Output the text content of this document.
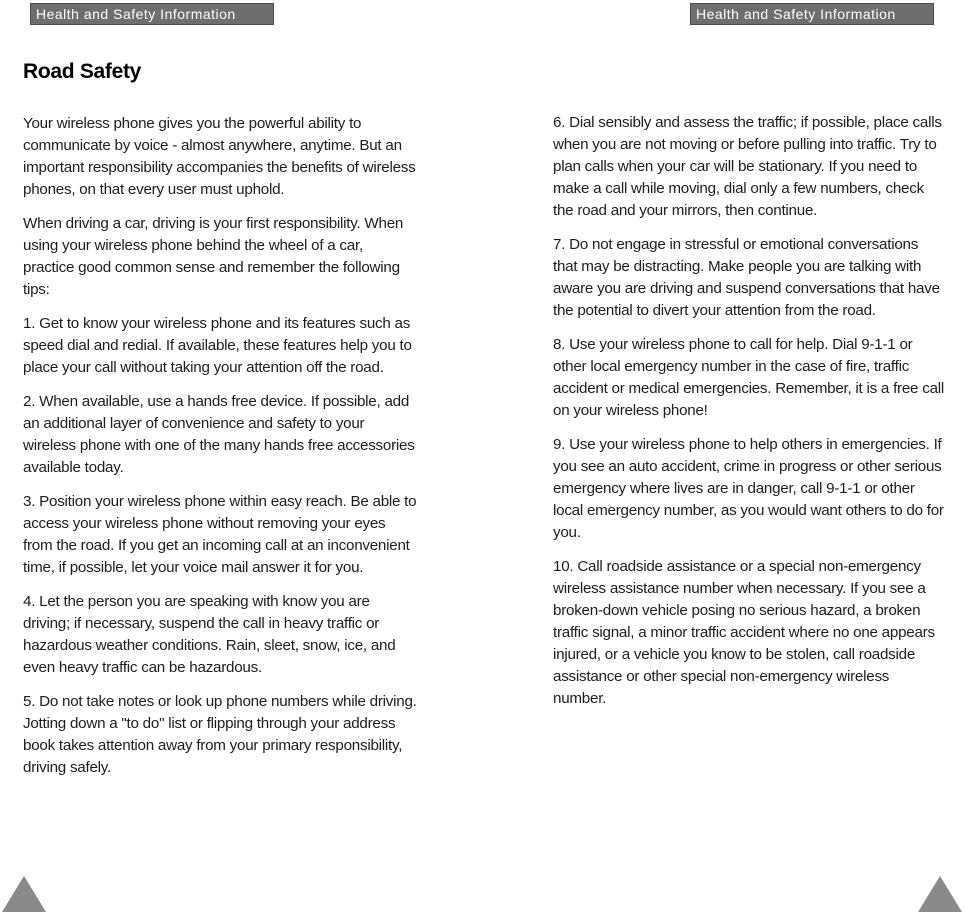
Health and Safety Information	Health and Safety Information
Road Safety

Your wireless phone gives you the powerful ability to communicate by voice - almost anywhere, anytime. But an important responsibility accompanies the benefits of wireless phones, on that every user must uphold.

When driving a car, driving is your first responsibility. When using your wireless phone behind the wheel of a car, practice good common sense and remember the following tips:

1. Get to know your wireless phone and its features such as speed dial and redial. If available, these features help you to place your call without taking your attention off the road.

2. When available, use a hands free device. If possible, add an additional layer of convenience and safety to your wireless phone with one of the many hands free accessories available today.

3. Position your wireless phone within easy reach. Be able to access your wireless phone without removing your eyes from the road. If you get an incoming call at an inconvenient time, if possible, let your voice mail answer it for you.

4. Let the person you are speaking with know you are driving; if necessary, suspend the call in heavy traffic or hazardous weather conditions. Rain, sleet, snow, ice, and even heavy traffic can be hazardous.

5. Do not take notes or look up phone numbers while driving. Jotting down a "to do" list or flipping through your address book takes attention away from your primary responsibility, driving safely.

6. Dial sensibly and assess the traffic; if possible, place calls when you are not moving or before pulling into traffic. Try to plan calls when your car will be stationary. If you need to make a call while moving, dial only a few numbers, check the road and your mirrors, then continue.

7. Do not engage in stressful or emotional conversations that may be distracting. Make people you are talking with aware you are driving and suspend conversations that have the potential to divert your attention from the road.

8. Use your wireless phone to call for help. Dial 9-1-1 or other local emergency number in the case of fire, traffic accident or medical emergencies. Remember, it is a free call on your wireless phone!

9. Use your wireless phone to help others in emergencies. If you see an auto accident, crime in progress or other serious emergency where lives are in danger, call 9-1-1 or other local emergency number, as you would want others to do for you.

10. Call roadside assistance or a special non-emergency wireless assistance number when necessary. If you see a broken-down vehicle posing no serious hazard, a broken traffic signal, a minor traffic accident where no one appears injured, or a vehicle you know to be stolen, call roadside assistance or other special non-emergency wireless number.
